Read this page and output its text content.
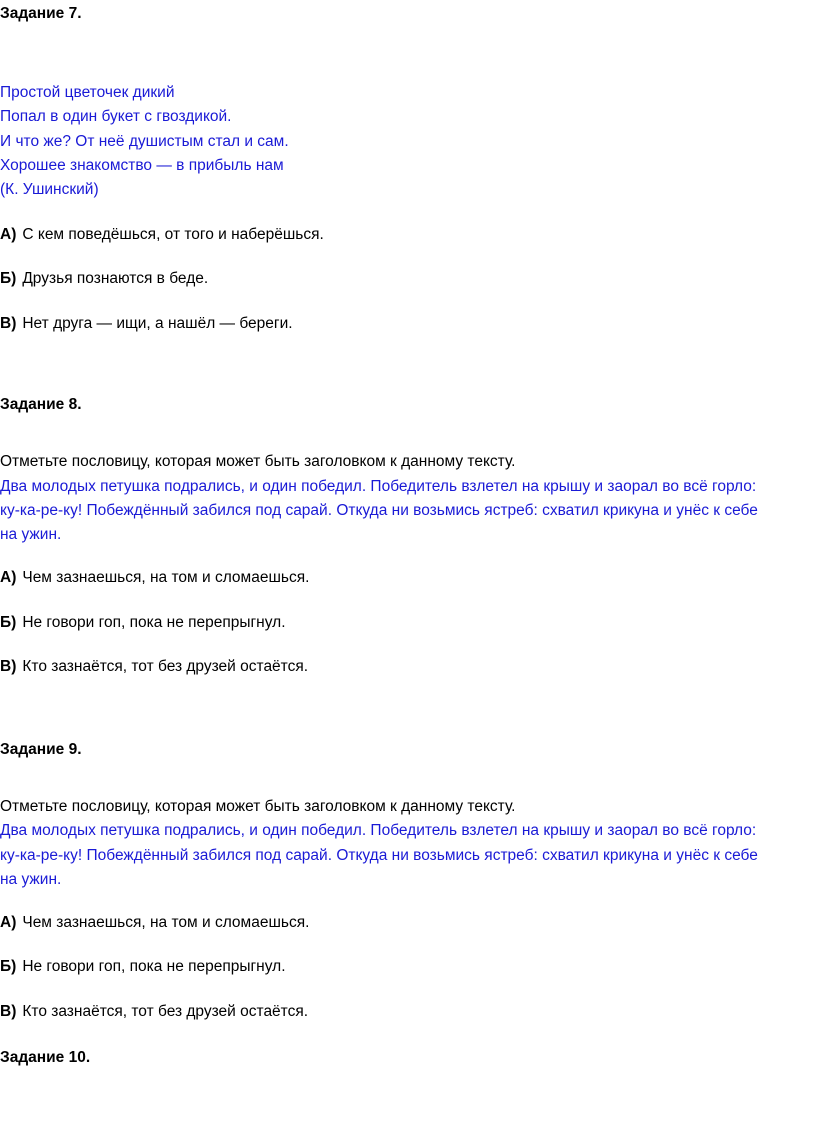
Задание 7.
Простой цветочек дикий
Попал в один букет с гвоздикой.
И что же? От неё душистым стал и сам.
Хорошее знакомство — в прибыль нам
(К. Ушинский)
А) С кем поведёшься, от того и наберёшься.
Б) Друзья познаются в беде.
В) Нет друга — ищи, а нашёл — береги.
Задание 8.
Отметьте пословицу, которая может быть заголовком к данному тексту.
Два молодых петушка подрались, и один победил. Победитель взлетел на крышу и заорал во всё горло:
ку-ка-ре-ку! Побеждённый забился под сарай. Откуда ни возьмись ястреб: схватил крикуна и унёс к себе
на ужин.
А) Чем зазнаешься, на том и сломаешься.
Б) Не говори гоп, пока не перепрыгнул.
В) Кто зазнаётся, тот без друзей остаётся.
Задание 9.
Отметьте пословицу, которая может быть заголовком к данному тексту.
Два молодых петушка подрались, и один победил. Победитель взлетел на крышу и заорал во всё горло:
ку-ка-ре-ку! Побеждённый забился под сарай. Откуда ни возьмись ястреб: схватил крикуна и унёс к себе
на ужин.
А) Чем зазнаешься, на том и сломаешься.
Б) Не говори гоп, пока не перепрыгнул.
В) Кто зазнаётся, тот без друзей остаётся.
Задание 10.
